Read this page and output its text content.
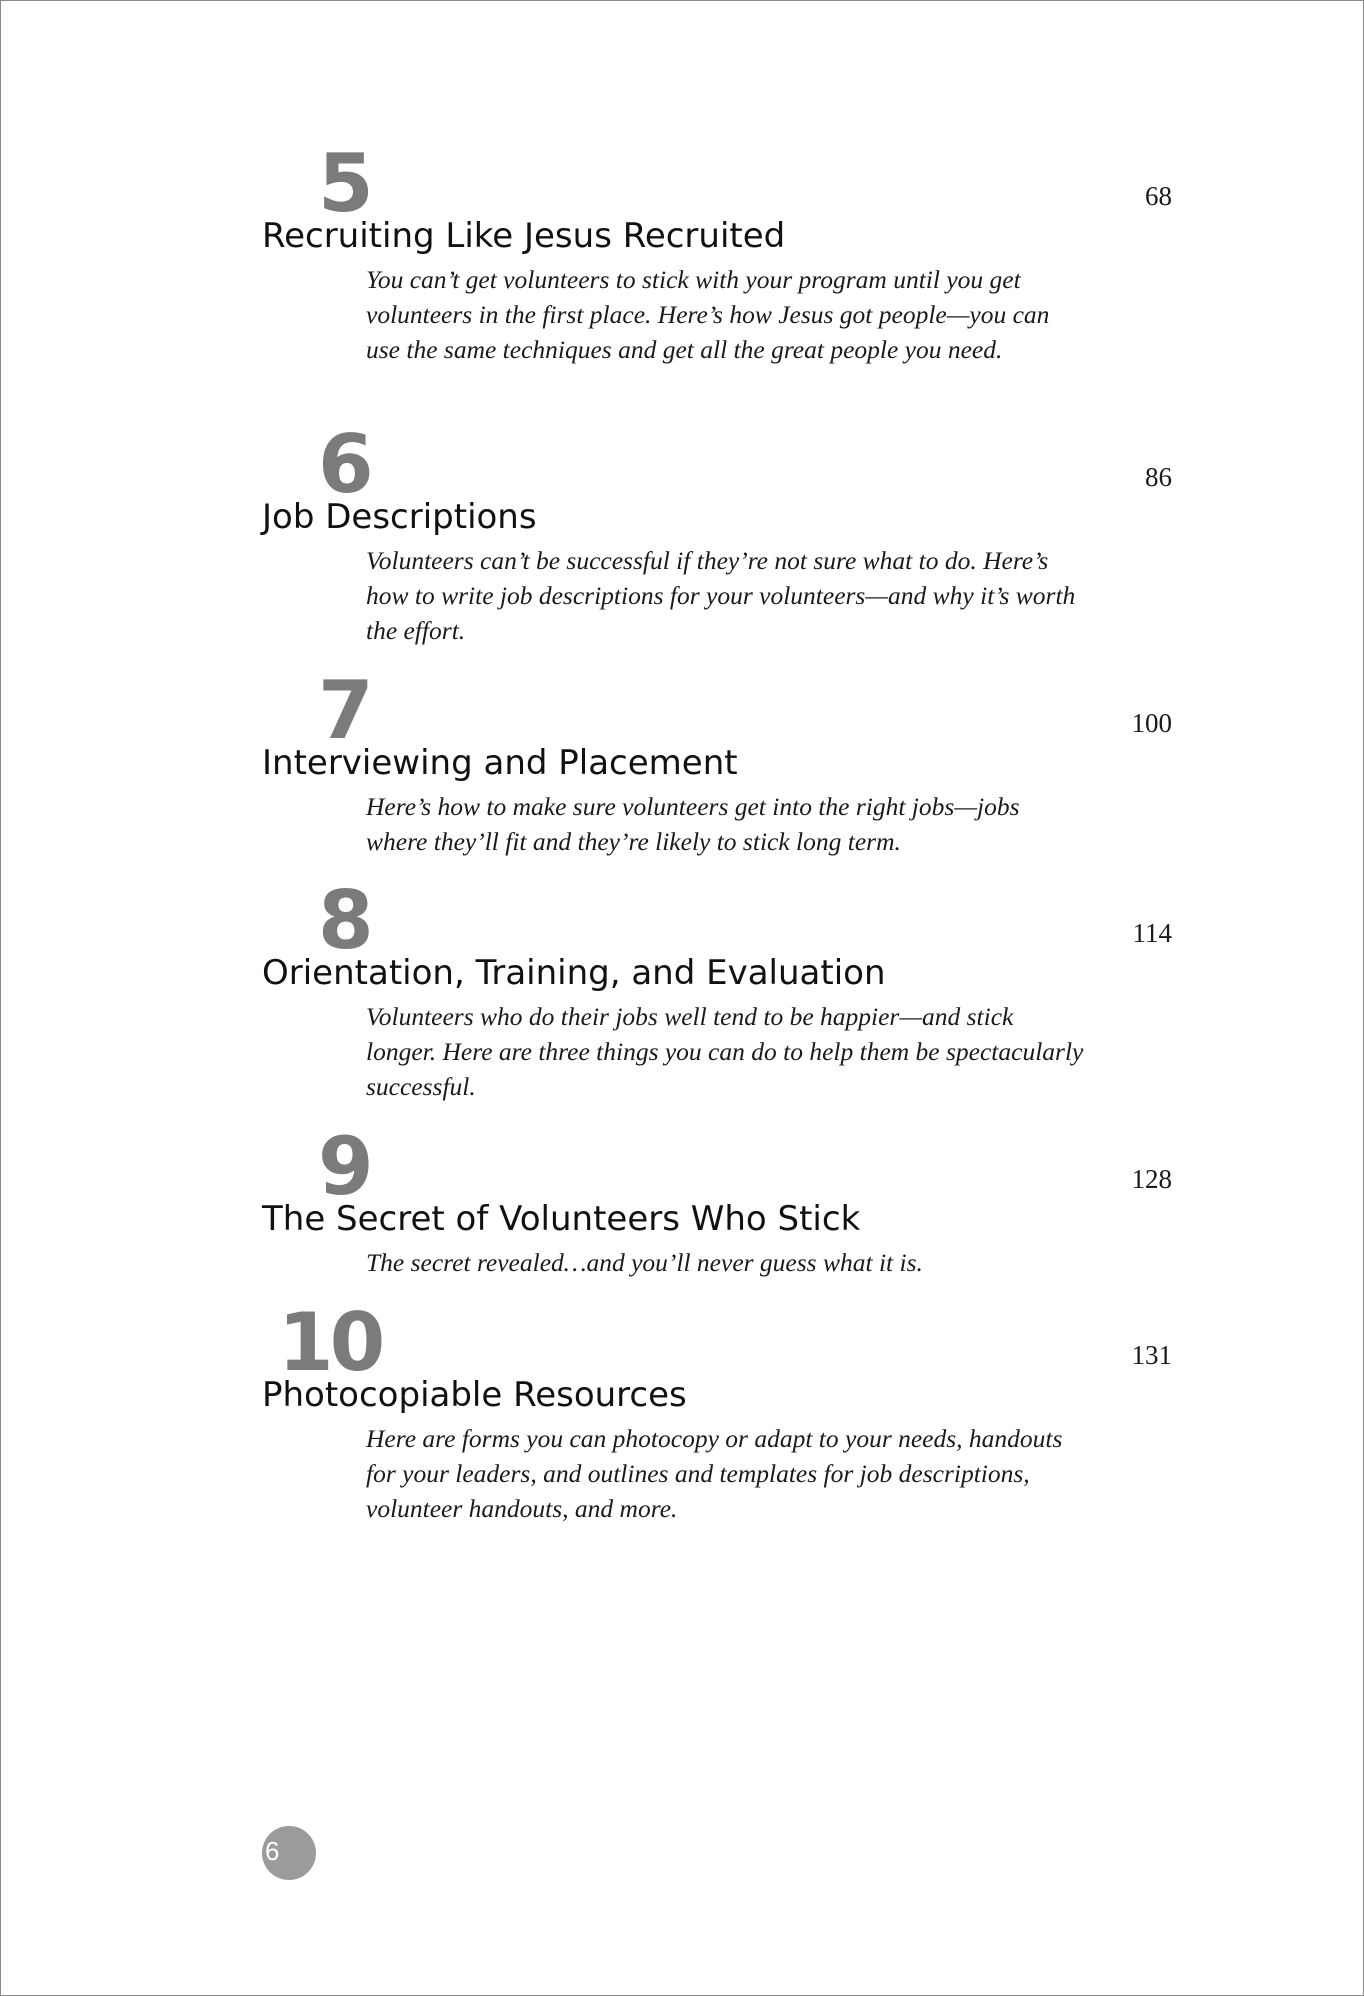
5
Recruiting Like Jesus Recruited
68

You can’t get volunteers to stick with your program until you get volunteers in the first place. Here’s how Jesus got people—you can use the same techniques and get all the great people you need.

6
Job Descriptions
86

Volunteers can’t be successful if they’re not sure what to do. Here’s how to write job descriptions for your volunteers—and why it’s worth the effort.

7
Interviewing and Placement
100

Here’s how to make sure volunteers get into the right jobs—jobs where they’ll fit and they’re likely to stick long term.

8
Orientation, Training, and Evaluation
114

Volunteers who do their jobs well tend to be happier—and stick longer. Here are three things you can do to help them be spectacularly successful.

9
The Secret of Volunteers Who Stick
128

The secret revealed…and you’ll never guess what it is.

10
Photocopiable Resources
131

Here are forms you can photocopy or adapt to your needs, handouts for your leaders, and outlines and templates for job descriptions, volunteer handouts, and more.

6
